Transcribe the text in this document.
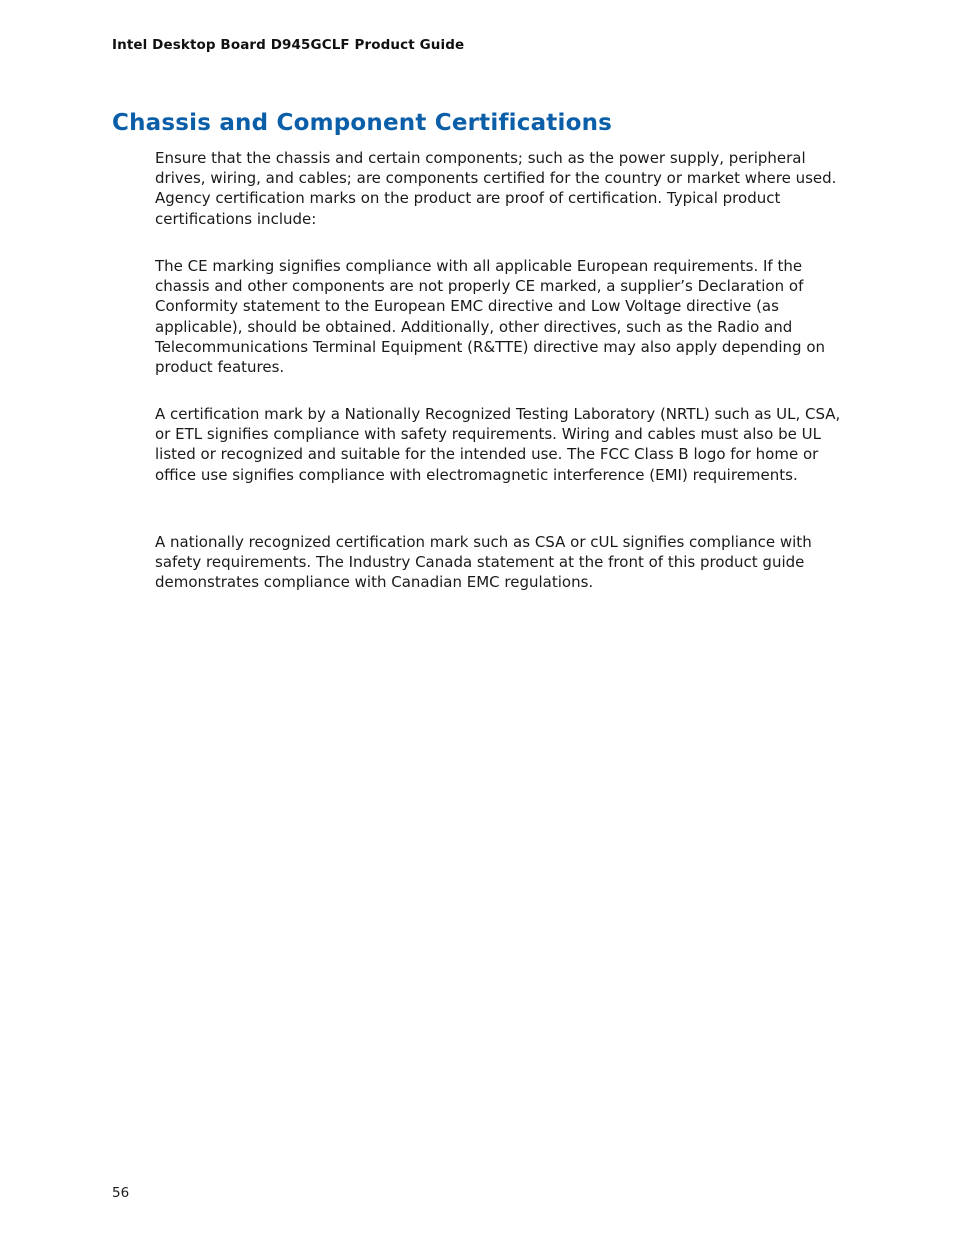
Intel Desktop Board D945GCLF Product Guide
Chassis and Component Certifications

Ensure that the chassis and certain components; such as the power supply, peripheral drives, wiring, and cables; are components certified for the country or market where used. Agency certification marks on the product are proof of certification. Typical product certifications include:

The CE marking signifies compliance with all applicable European requirements. If the chassis and other components are not properly CE marked, a supplier’s Declaration of Conformity statement to the European EMC directive and Low Voltage directive (as applicable), should be obtained. Additionally, other directives, such as the Radio and Telecommunications Terminal Equipment (R&TTE) directive may also apply depending on product features.

A certification mark by a Nationally Recognized Testing Laboratory (NRTL) such as UL, CSA, or ETL signifies compliance with safety requirements. Wiring and cables must also be UL listed or recognized and suitable for the intended use. The FCC Class B logo for home or office use signifies compliance with electromagnetic interference (EMI) requirements.

A nationally recognized certification mark such as CSA or cUL signifies compliance with safety requirements. The Industry Canada statement at the front of this product guide demonstrates compliance with Canadian EMC regulations.

56
